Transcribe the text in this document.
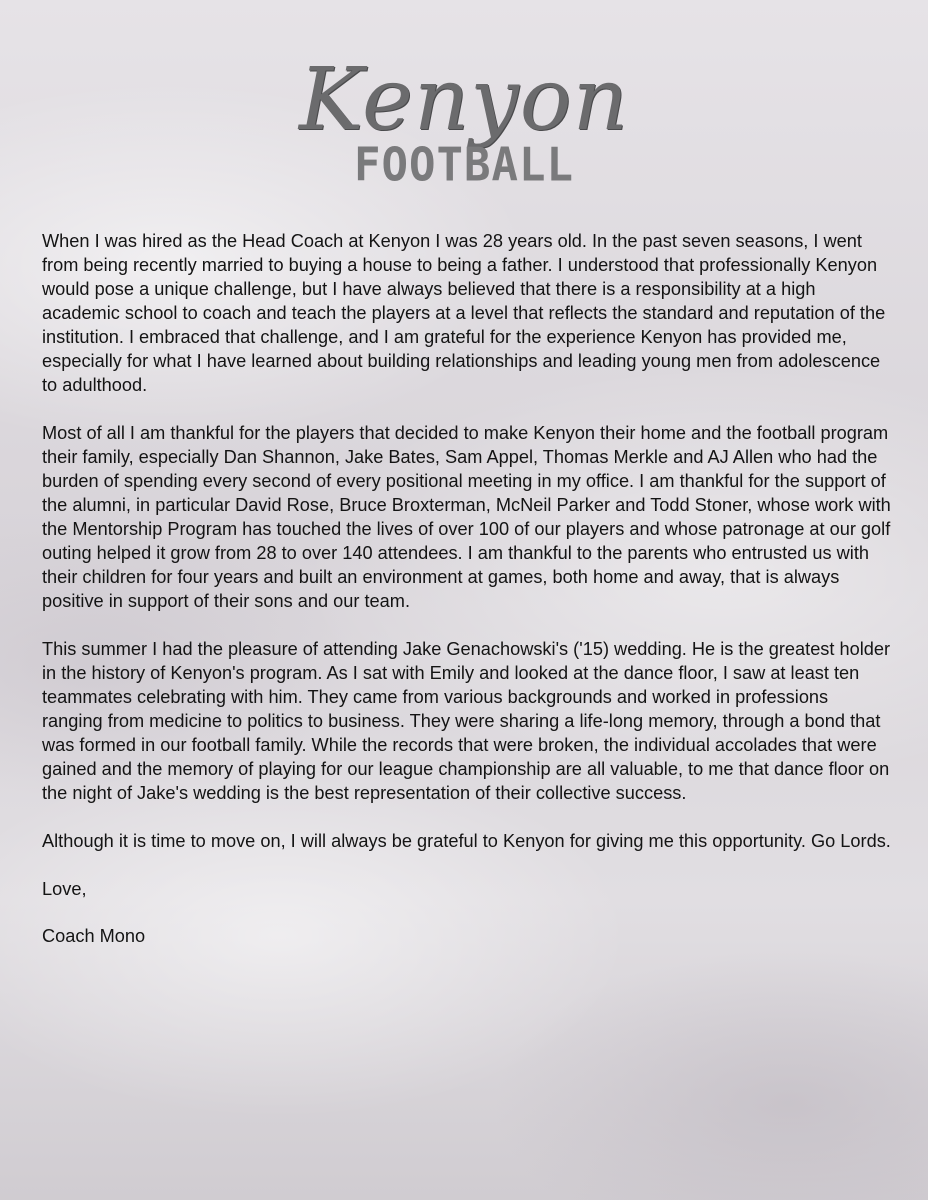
Kenyon
FOOTBALL

When I was hired as the Head Coach at Kenyon I was 28 years old. In the past seven seasons, I went from being recently married to buying a house to being a father. I understood that professionally Kenyon would pose a unique challenge, but I have always believed that there is a responsibility at a high academic school to coach and teach the players at a level that reflects the standard and reputation of the institution. I embraced that challenge, and I am grateful for the experience Kenyon has provided me, especially for what I have learned about building relationships and leading young men from adolescence to adulthood.

Most of all I am thankful for the players that decided to make Kenyon their home and the football program their family, especially Dan Shannon, Jake Bates, Sam Appel, Thomas Merkle and AJ Allen who had the burden of spending every second of every positional meeting in my office. I am thankful for the support of the alumni, in particular David Rose, Bruce Broxterman, McNeil Parker and Todd Stoner, whose work with the Mentorship Program has touched the lives of over 100 of our players and whose patronage at our golf outing helped it grow from 28 to over 140 attendees. I am thankful to the parents who entrusted us with their children for four years and built an environment at games, both home and away, that is always positive in support of their sons and our team.

This summer I had the pleasure of attending Jake Genachowski's ('15) wedding. He is the greatest holder in the history of Kenyon's program. As I sat with Emily and looked at the dance floor, I saw at least ten teammates celebrating with him. They came from various backgrounds and worked in professions ranging from medicine to politics to business. They were sharing a life-long memory, through a bond that was formed in our football family. While the records that were broken, the individual accolades that were gained and the memory of playing for our league championship are all valuable, to me that dance floor on the night of Jake's wedding is the best representation of their collective success.

Although it is time to move on, I will always be grateful to Kenyon for giving me this opportunity. Go Lords.

Love,

Coach Mono
